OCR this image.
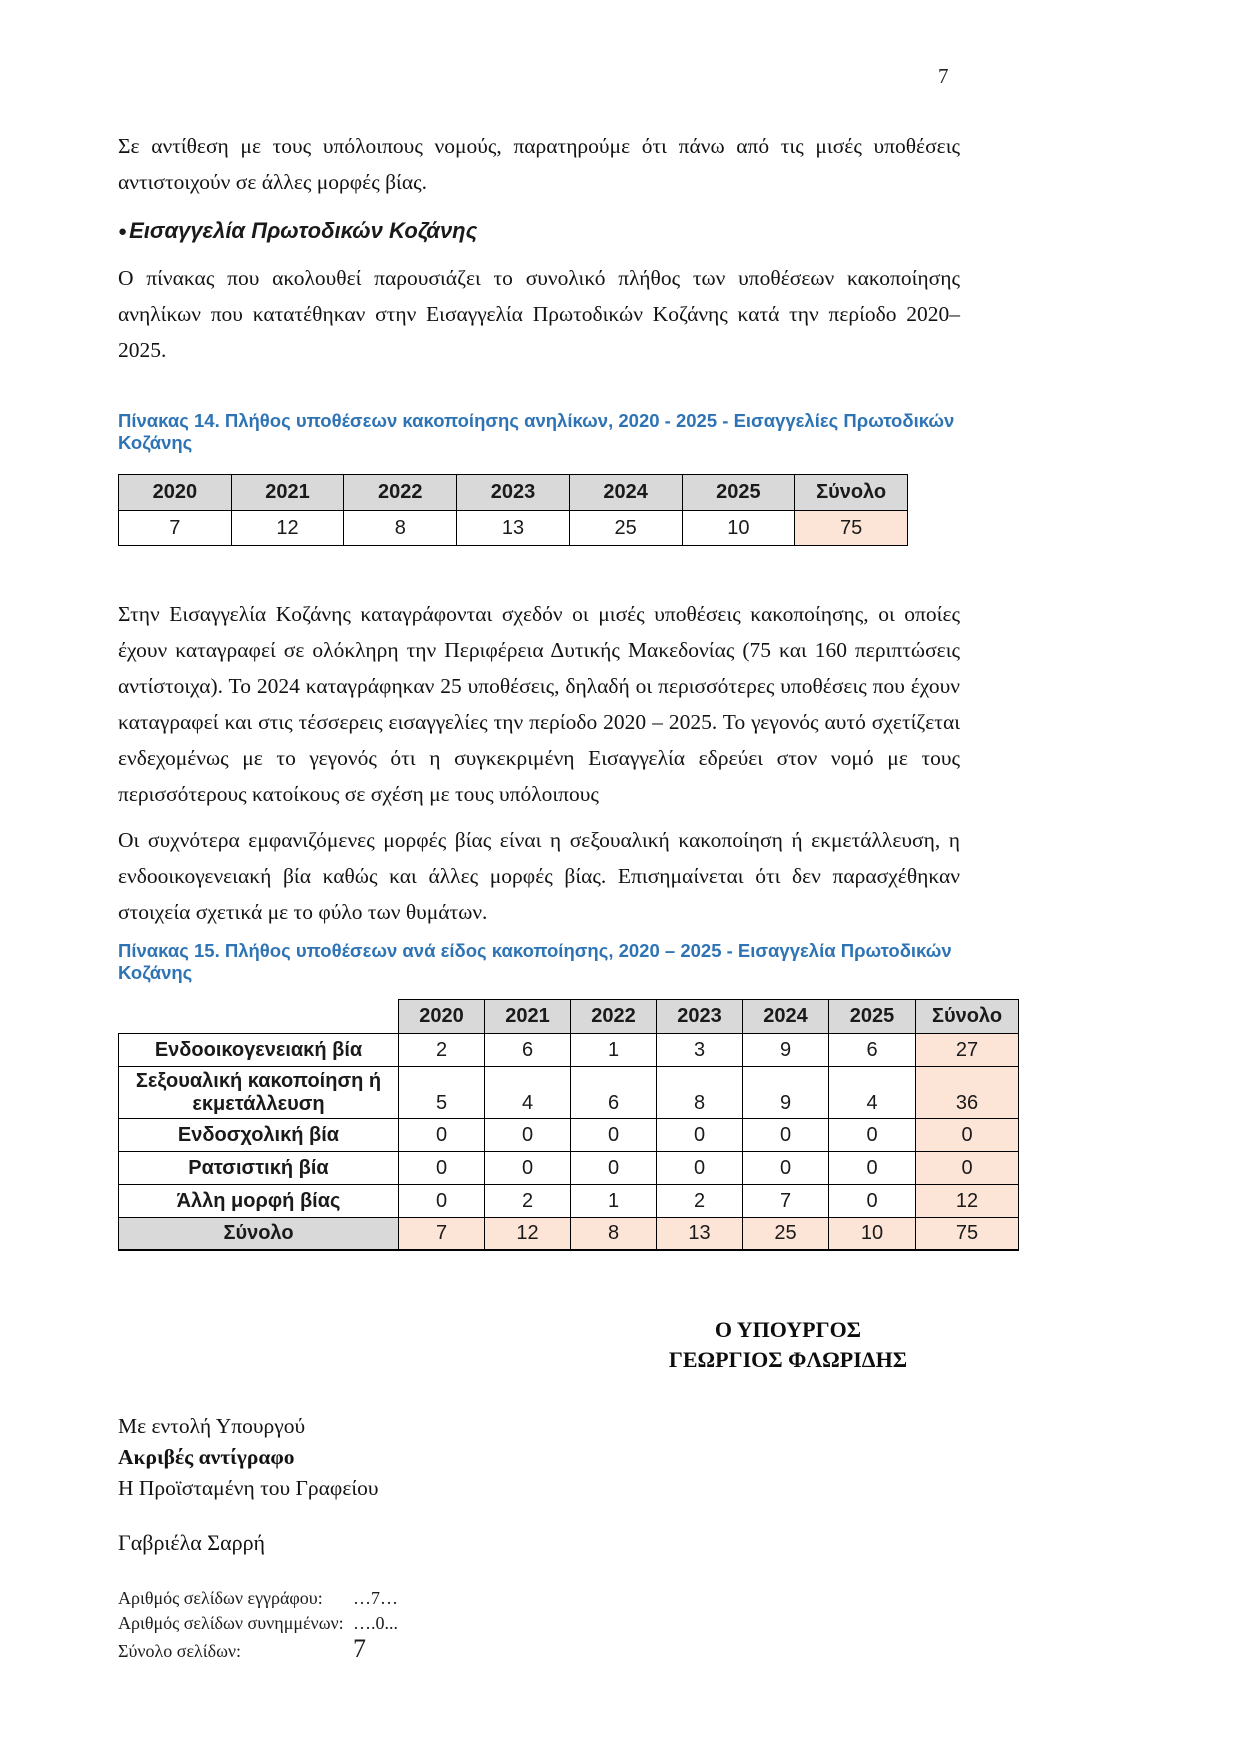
7

Σε αντίθεση με τους υπόλοιπους νομούς, παρατηρούμε ότι πάνω από τις μισές υποθέσεις αντιστοιχούν σε άλλες μορφές βίας.

● Εισαγγελία Πρωτοδικών Κοζάνης

Ο πίνακας που ακολουθεί παρουσιάζει το συνολικό πλήθος των υποθέσεων κακοποίησης ανηλίκων που κατατέθηκαν στην Εισαγγελία Πρωτοδικών Κοζάνης κατά την περίοδο 2020–2025.

Πίνακας 14. Πλήθος υποθέσεων κακοποίησης ανηλίκων, 2020 - 2025 - Εισαγγελίες Πρωτοδικών Κοζάνης
2020	2021	2022	2023	2024	2025	Σύνολο
7	12	8	13	25	10	75

Στην Εισαγγελία Κοζάνης καταγράφονται σχεδόν οι μισές υποθέσεις κακοποίησης, οι οποίες έχουν καταγραφεί σε ολόκληρη την Περιφέρεια Δυτικής Μακεδονίας (75 και 160 περιπτώσεις αντίστοιχα). Το 2024 καταγράφηκαν 25 υποθέσεις, δηλαδή οι περισσότερες υποθέσεις που έχουν καταγραφεί και στις τέσσερεις εισαγγελίες την περίοδο 2020 – 2025. Το γεγονός αυτό σχετίζεται ενδεχομένως με το γεγονός ότι η συγκεκριμένη Εισαγγελία εδρεύει στον νομό με τους περισσότερους κατοίκους σε σχέση με τους υπόλοιπους

Οι συχνότερα εμφανιζόμενες μορφές βίας είναι η σεξουαλική κακοποίηση ή εκμετάλλευση, η ενδοοικογενειακή βία καθώς και άλλες μορφές βίας. Επισημαίνεται ότι δεν παρασχέθηκαν στοιχεία σχετικά με το φύλο των θυμάτων.

Πίνακας 15. Πλήθος υποθέσεων ανά είδος κακοποίησης, 2020 – 2025 - Εισαγγελία Πρωτοδικών Κοζάνης
	2020	2021	2022	2023	2024	2025	Σύνολο
Ενδοοικογενειακή βία	2	6	1	3	9	6	27
Σεξουαλική κακοποίηση ή εκμετάλλευση	5	4	6	8	9	4	36
Ενδοσχολική βία	0	0	0	0	0	0	0
Ρατσιστική βία	0	0	0	0	0	0	0
Άλλη μορφή βίας	0	2	1	2	7	0	12
Σύνολο	7	12	8	13	25	10	75
Ο ΥΠΟΥΡΓΟΣ
ΓΕΩΡΓΙΟΣ ΦΛΩΡΙΔΗΣ
Με εντολή Υπουργού
Ακριβές αντίγραφο
Η Προϊσταμένη του Γραφείου
Γαβριέλα Σαρρή
Αριθμός σελίδων εγγράφου:	…7…
Αριθμός σελίδων συνημμένων: ….0...
Σύνολο σελίδων:	7
